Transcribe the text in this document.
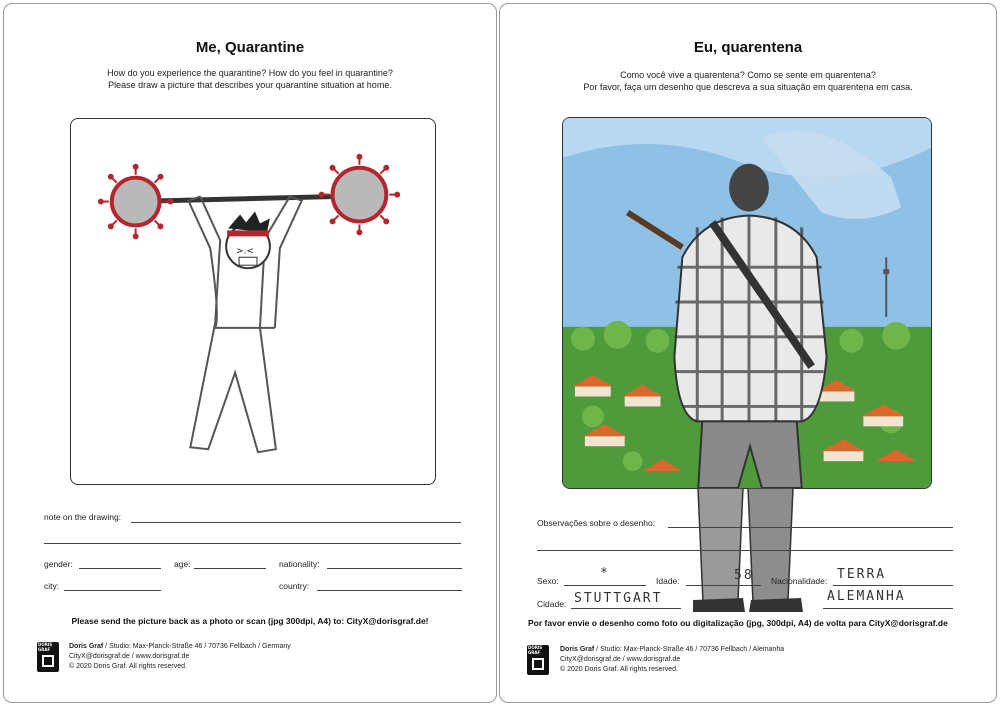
Me, Quarantine
How do you experience the quarantine? How do you feel in quarantine?
Please draw a picture that describes your quarantine situation at home.
>.<
note on the drawing:
gender:	age:	nationality:
city:	country:
Please send the picture back as a photo or scan (jpg 300dpi, A4) to: CityX@dorisgraf.de!
DORIS GRAF	Doris Graf / Studio: Max-Planck-Straße 46 / 70736 Fellbach / Germany
CityX@dorisgraf.de / www.dorisgraf.de
© 2020 Doris Graf. All rights reserved.
Eu, quarentena
Como você vive a quarentena? Como se sente em quarentena?
Por favor, faça um desenho que descreva a sua situação em quarentena em casa.
Observações sobre o desenho:
Sexo:	*	Idade:	58 Nacionalidade: TERRA
Cidade: STUTTGART	ALEMANHA
Por favor envie o desenho como foto ou digitalização (jpg, 300dpi, A4) de volta para CityX@dorisgraf.de
DORIS GRAF	Doris Graf / Studio: Max-Planck-Straße 46 / 70736 Fellbach / Alemanha
CityX@dorisgraf.de / www.dorisgraf.de
© 2020 Doris Graf. All rights reserved.
